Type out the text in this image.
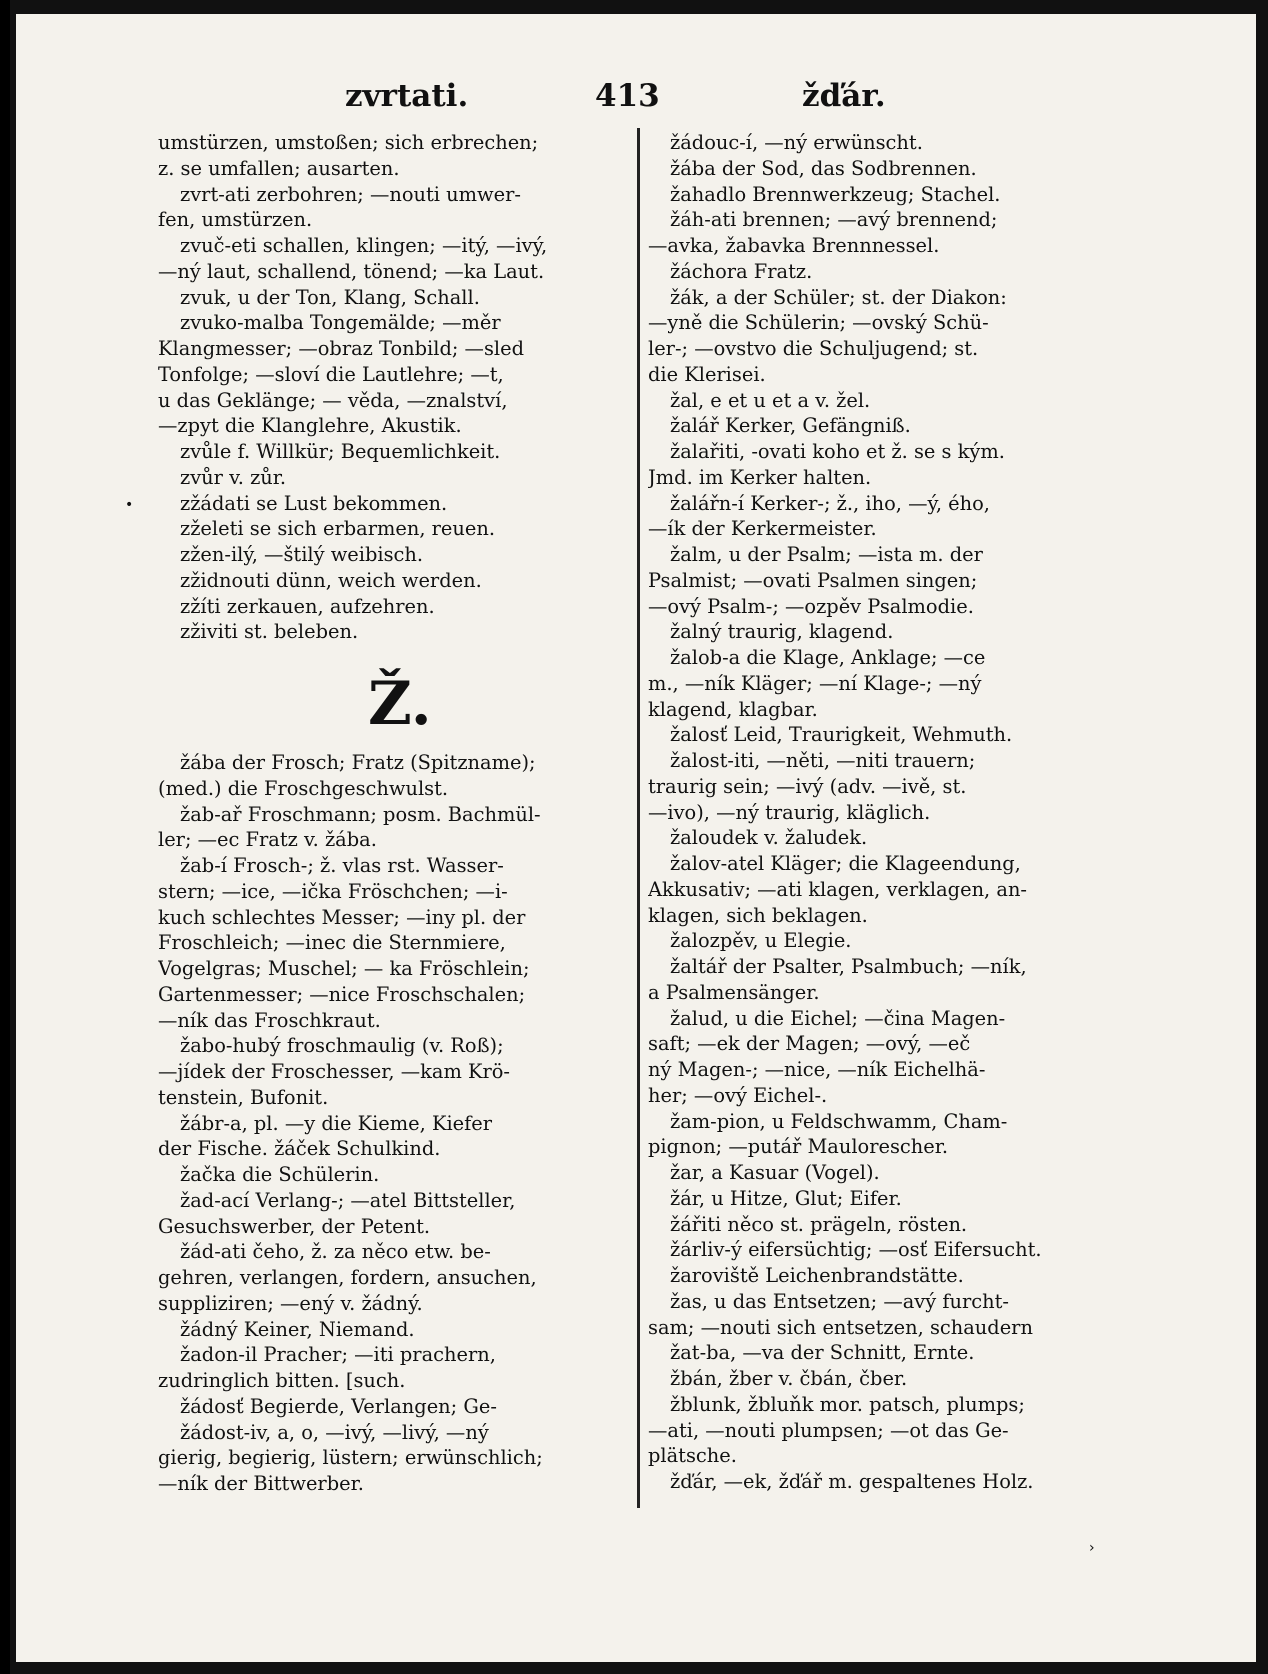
zvrtati.	413	žďár.
•
umstürzen, umstoßen; sich erbrechen;
z. se umfallen; ausarten.
zvrt-ati zerbohren; —nouti umwer-
fen, umstürzen.
zvuč-eti schallen, klingen; —itý, —ivý,
—ný laut, schallend, tönend; —ka Laut.
zvuk, u der Ton, Klang, Schall.
zvuko-malba Tongemälde; —měr
Klangmesser; —obraz Tonbild; —sled
Tonfolge; —sloví die Lautlehre; —t,
u das Geklänge; — věda, —znalství,
—zpyt die Klanglehre, Akustik.
zvůle f. Willkür; Bequemlichkeit.
zvůr v. zůr.
zžádati se Lust bekommen.
zželeti se sich erbarmen, reuen.
zžen-ilý, —štilý weibisch.
zžidnouti dünn, weich werden.
zžíti zerkauen, aufzehren.
zživiti st. beleben.
Ž.
žába der Frosch; Fratz (Spitzname);
(med.) die Froschgeschwulst.
žab-ař Froschmann; posm. Bachmül-
ler; —ec Fratz v. žába.
žab-í Frosch-; ž. vlas rst. Wasser-
stern; —ice, —ička Fröschchen; —i-
kuch schlechtes Messer; —iny pl. der
Froschleich; —inec die Sternmiere,
Vogelgras; Muschel; — ka Fröschlein;
Gartenmesser; —nice Froschschalen;
—ník das Froschkraut.
žabo-hubý froschmaulig (v. Roß);
—jídek der Froschesser, —kam Krö-
tenstein, Bufonit.
žábr-a, pl. —y die Kieme, Kiefer
der Fische. žáček Schulkind.
žačka die Schülerin.
žad-ací Verlang-; —atel Bittsteller,
Gesuchswerber, der Petent.
žád-ati čeho, ž. za něco etw. be-
gehren, verlangen, fordern, ansuchen,
suppliziren; —ený v. žádný.
žádný Keiner, Niemand.
žadon-il Pracher; —iti prachern,
zudringlich bitten. [such.
žádosť Begierde, Verlangen; Ge-
žádost-iv, a, o, —ivý, —livý, —ný
gierig, begierig, lüstern; erwünschlich;
—ník der Bittwerber.
žádouc-í, —ný erwünscht.
žába der Sod, das Sodbrennen.
žahadlo Brennwerkzeug; Stachel.
žáh-ati brennen; —avý brennend;
—avka, žabavka Brennnessel.
žáchora Fratz.
žák, a der Schüler; st. der Diakon:
—yně die Schülerin; —ovský Schü-
ler-; —ovstvo die Schuljugend; st.
die Klerisei.
žal, e et u et a v. žel.
žalář Kerker, Gefängniß.
žalařiti, -ovati koho et ž. se s kým.
Jmd. im Kerker halten.
žalářn-í Kerker-; ž., iho, —ý, ého,
—ík der Kerkermeister.
žalm, u der Psalm; —ista m. der
Psalmist; —ovati Psalmen singen;
—ový Psalm-; —ozpěv Psalmodie.
žalný traurig, klagend.
žalob-a die Klage, Anklage; —ce
m., —ník Kläger; —ní Klage-; —ný
klagend, klagbar.
žalosť Leid, Traurigkeit, Wehmuth.
žalost-iti, —něti, —niti trauern;
traurig sein; —ivý (adv. —ivě, st.
—ivo), —ný traurig, kläglich.
žaloudek v. žaludek.
žalov-atel Kläger; die Klageendung,
Akkusativ; —ati klagen, verklagen, an-
klagen, sich beklagen.
žalozpěv, u Elegie.
žaltář der Psalter, Psalmbuch; —ník,
a Psalmensänger.
žalud, u die Eichel; —čina Magen-
saft; —ek der Magen; —ový, —eč
ný Magen-; —nice, —ník Eichelhä-
her; —ový Eichel-.
žam-pion, u Feldschwamm, Cham-
pignon; —putář Maulorescher.
žar, a Kasuar (Vogel).
žár, u Hitze, Glut; Eifer.
žářiti něco st. prägeln, rösten.
žárliv-ý eifersüchtig; —osť Eifersucht.
žaroviště Leichenbrandstätte.
žas, u das Entsetzen; —avý furcht-
sam; —nouti sich entsetzen, schaudern
žat-ba, —va der Schnitt, Ernte.
žbán, žber v. čbán, čber.
žblunk, žbluňk mor. patsch, plumps;
—ati, —nouti plumpsen; —ot das Ge-
plätsche.
žďár, —ek, žďář m. gespaltenes Holz.
›
